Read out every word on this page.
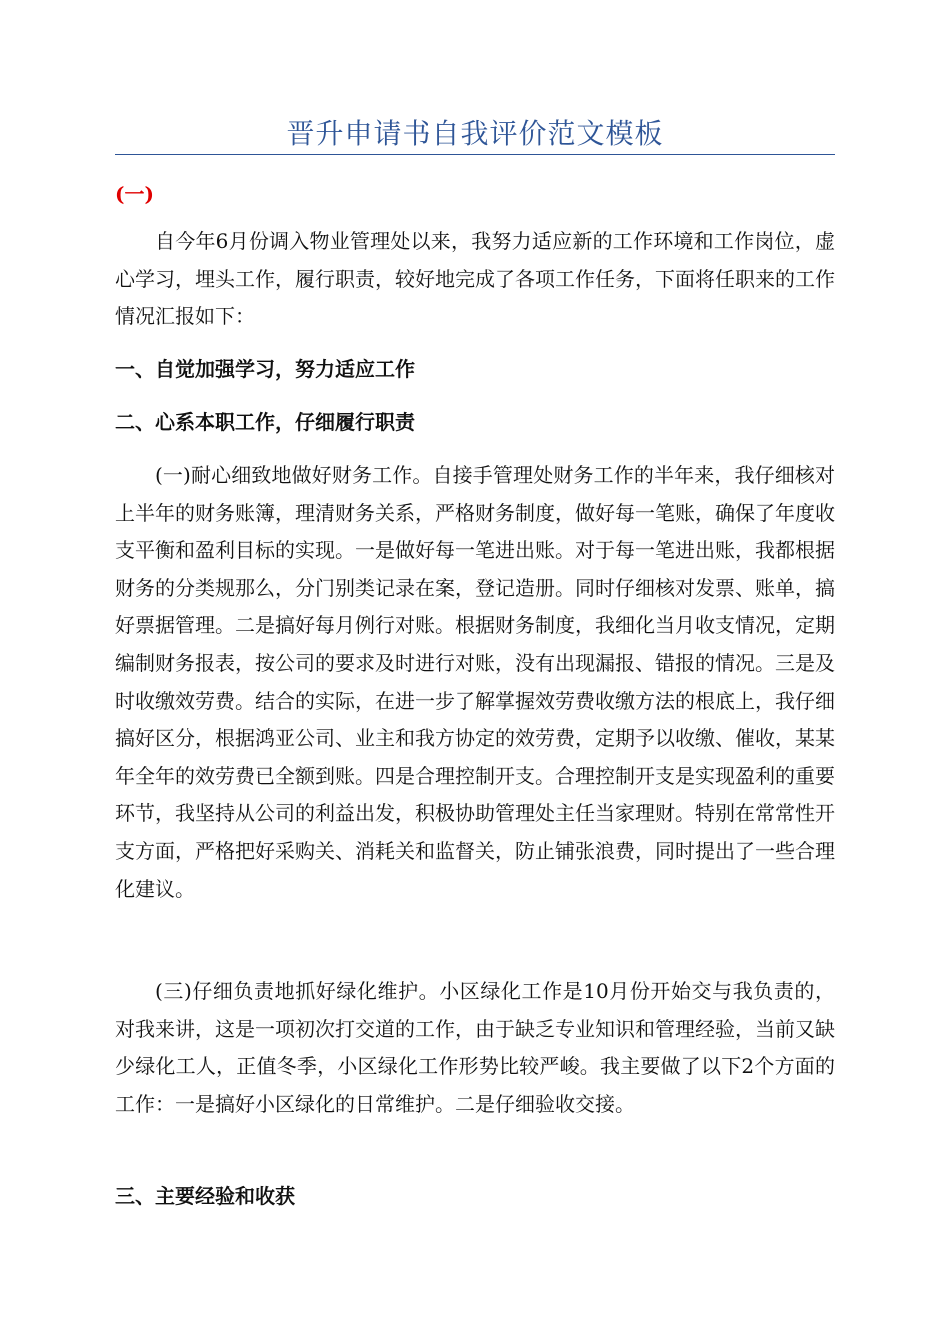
晋升申请书自我评价范文模板
(一)

自今年6月份调入物业管理处以来，我努力适应新的工作环境和工作岗位，虚心学习，埋头工作，履行职责，较好地完成了各项工作任务，下面将任职来的工作情况汇报如下：

一、自觉加强学习，努力适应工作
二、心系本职工作，仔细履行职责

(一)耐心细致地做好财务工作。自接手管理处财务工作的半年来，我仔细核对上半年的财务账簿，理清财务关系，严格财务制度，做好每一笔账，确保了年度收支平衡和盈利目标的实现。一是做好每一笔进出账。对于每一笔进出账，我都根据财务的分类规那么，分门别类记录在案，登记造册。同时仔细核对发票、账单，搞好票据管理。二是搞好每月例行对账。根据财务制度，我细化当月收支情况，定期编制财务报表，按公司的要求及时进行对账，没有出现漏报、错报的情况。三是及时收缴效劳费。结合的实际，在进一步了解掌握效劳费收缴方法的根底上，我仔细搞好区分，根据鸿亚公司、业主和我方协定的效劳费，定期予以收缴、催收，某某年全年的效劳费已全额到账。四是合理控制开支。合理控制开支是实现盈利的重要环节，我坚持从公司的利益出发，积极协助管理处主任当家理财。特别在常常性开支方面，严格把好采购关、消耗关和监督关，防止铺张浪费，同时提出了一些合理化建议。

(三)仔细负责地抓好绿化维护。小区绿化工作是10月份开始交与我负责的，对我来讲，这是一项初次打交道的工作，由于缺乏专业知识和管理经验，当前又缺少绿化工人，正值冬季，小区绿化工作形势比较严峻。我主要做了以下2个方面的工作：一是搞好小区绿化的日常维护。二是仔细验收交接。

三、主要经验和收获
